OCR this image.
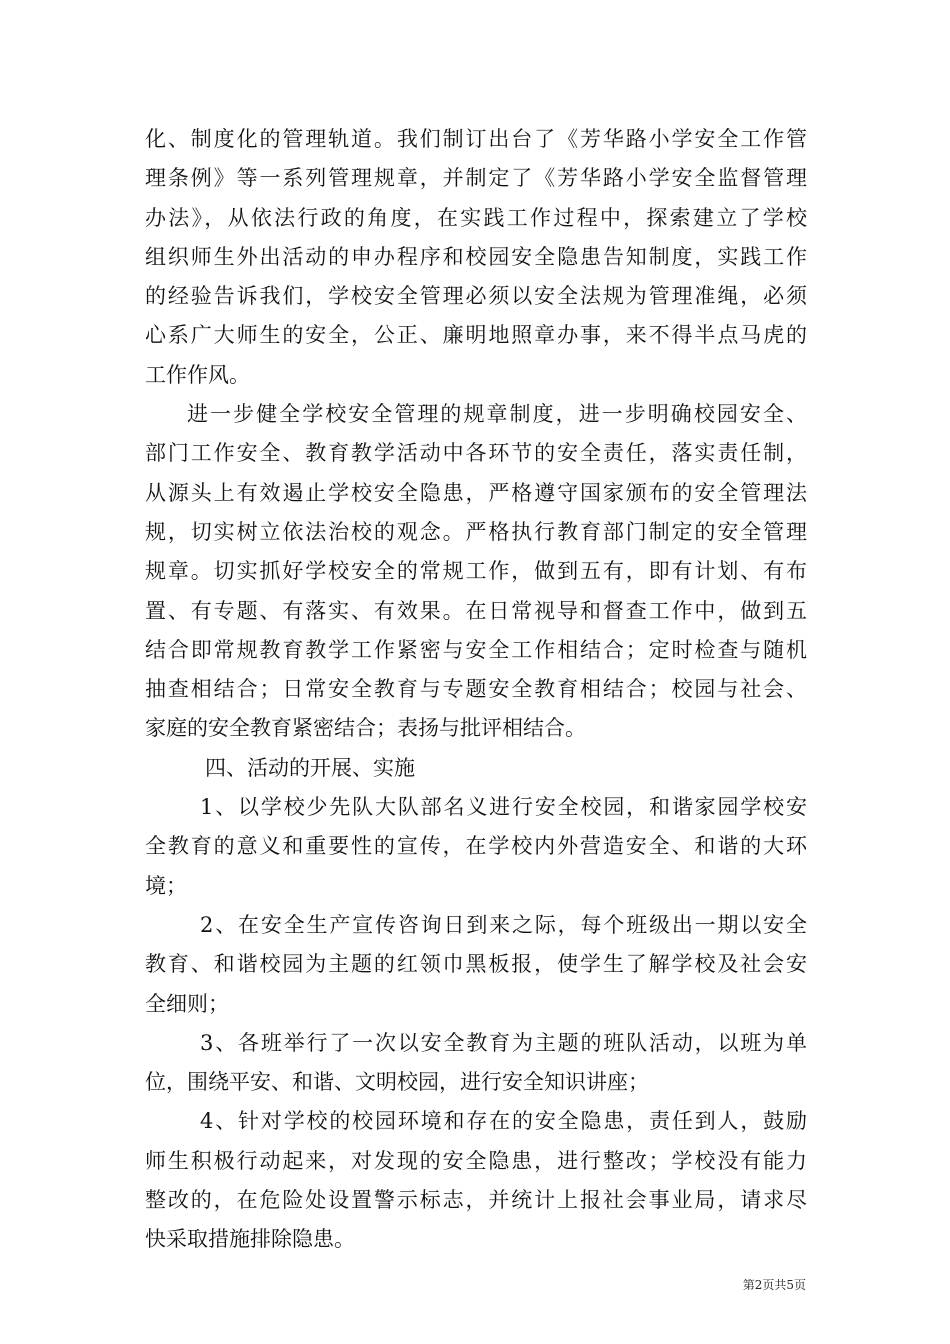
化、制度化的管理轨道。我们制订出台了《芳华路小学安全工作管
理条例》等一系列管理规章，并制定了《芳华路小学安全监督管理
办法》，从依法行政的角度，在实践工作过程中，探索建立了学校
组织师生外出活动的申办程序和校园安全隐患告知制度，实践工作
的经验告诉我们，学校安全管理必须以安全法规为管理准绳，必须
心系广大师生的安全，公正、廉明地照章办事，来不得半点马虎的
工作作风。
进一步健全学校安全管理的规章制度，进一步明确校园安全、
部门工作安全、教育教学活动中各环节的安全责任，落实责任制，
从源头上有效遏止学校安全隐患，严格遵守国家颁布的安全管理法
规，切实树立依法治校的观念。严格执行教育部门制定的安全管理
规章。切实抓好学校安全的常规工作，做到五有，即有计划、有布
置、有专题、有落实、有效果。在日常视导和督查工作中，做到五
结合即常规教育教学工作紧密与安全工作相结合；定时检查与随机
抽查相结合；日常安全教育与专题安全教育相结合；校园与社会、
家庭的安全教育紧密结合；表扬与批评相结合。
四、活动的开展、实施
1、以学校少先队大队部名义进行安全校园，和谐家园学校安
全教育的意义和重要性的宣传，在学校内外营造安全、和谐的大环
境；
2、在安全生产宣传咨询日到来之际，每个班级出一期以安全
教育、和谐校园为主题的红领巾黑板报，使学生了解学校及社会安
全细则；
3、各班举行了一次以安全教育为主题的班队活动，以班为单
位，围绕平安、和谐、文明校园，进行安全知识讲座；
4、针对学校的校园环境和存在的安全隐患，责任到人，鼓励
师生积极行动起来，对发现的安全隐患，进行整改；学校没有能力
整改的，在危险处设置警示标志，并统计上报社会事业局，请求尽
快采取措施排除隐患。
第2页共5页
